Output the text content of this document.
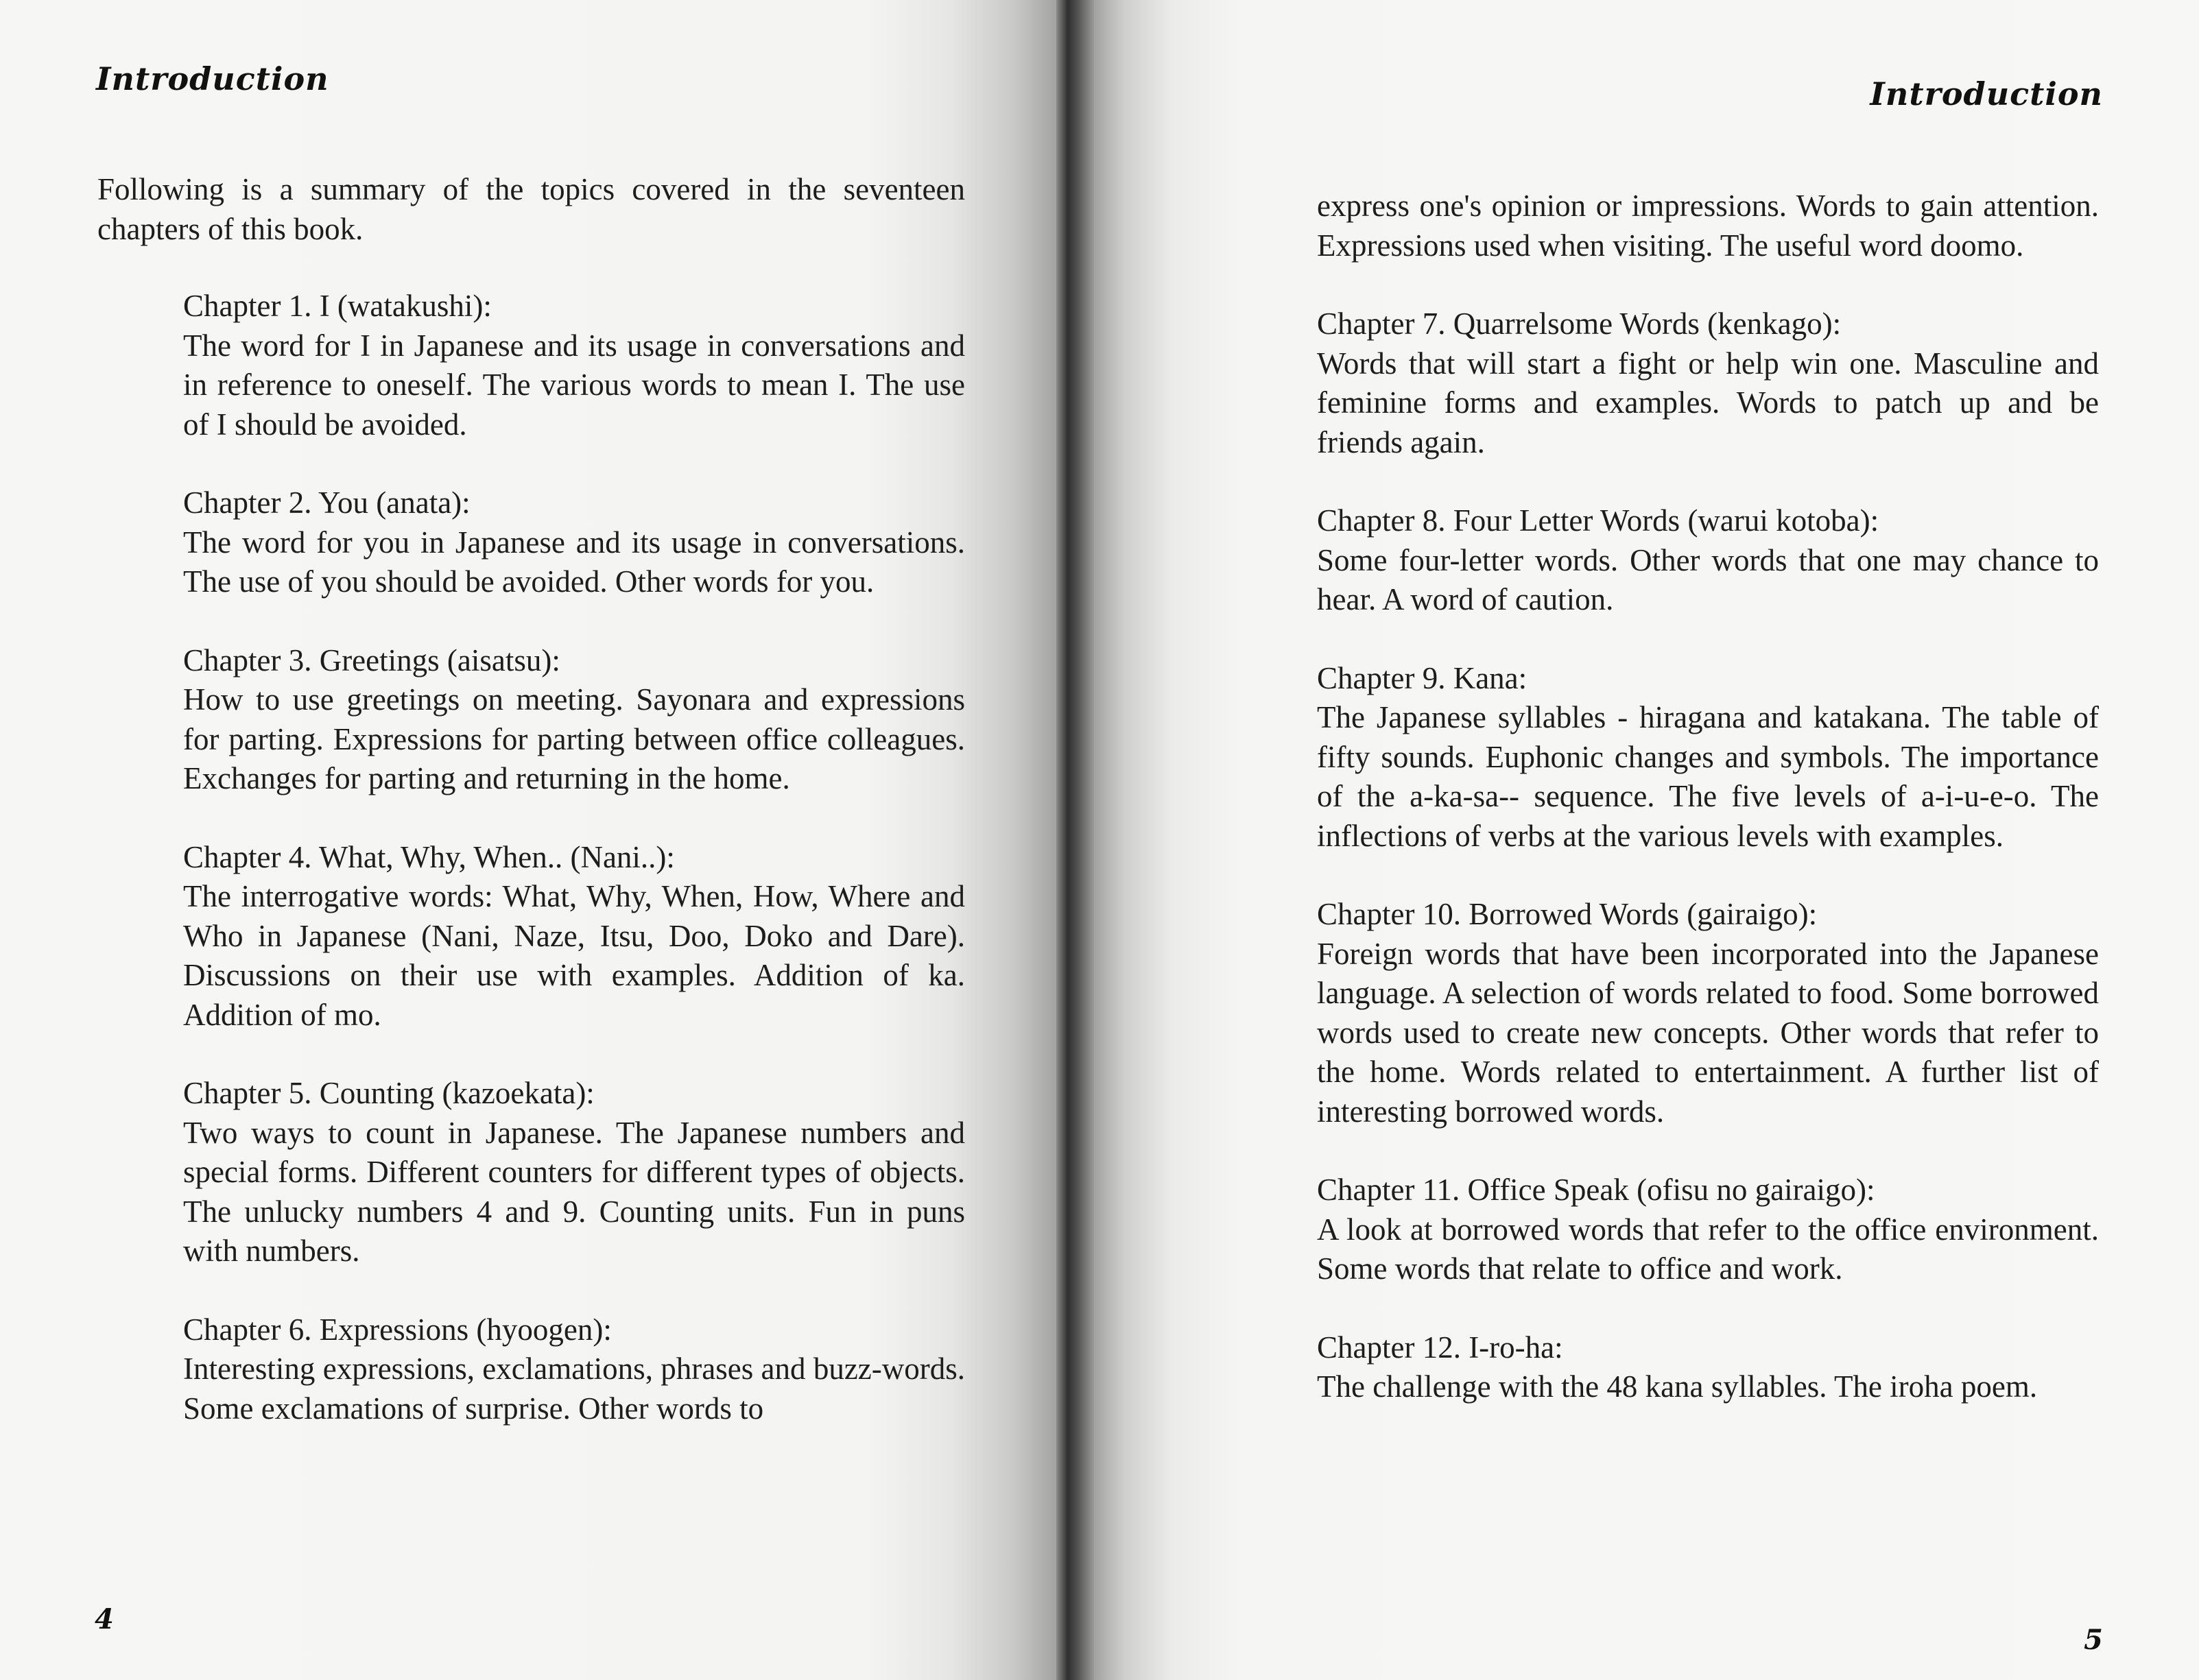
Introduction	Introduction
Following is a summary of the topics covered in the seventeen chapters of this book.
Chapter 1. I (watakushi):
The word for I in Japanese and its usage in conversations and in reference to oneself. The various words to mean I. The use of I should be avoided.
Chapter 2. You (anata):
The word for you in Japanese and its usage in conversations. The use of you should be avoided. Other words for you.
Chapter 3. Greetings (aisatsu):
How to use greetings on meeting. Sayonara and expressions for parting. Expressions for parting between office colleagues. Exchanges for parting and returning in the home.
Chapter 4. What, Why, When.. (Nani..):
The interrogative words: What, Why, When, How, Where and Who in Japanese (Nani, Naze, Itsu, Doo, Doko and Dare). Discussions on their use with examples. Addition of ka. Addition of mo.
Chapter 5. Counting (kazoekata):
Two ways to count in Japanese. The Japanese numbers and special forms. Different counters for different types of objects. The unlucky numbers 4 and 9. Counting units. Fun in puns with numbers.
Chapter 6. Expressions (hyoogen):
Interesting expressions, exclamations, phrases and buzz-words. Some exclamations of surprise. Other words to
express one's opinion or impressions. Words to gain attention. Expressions used when visiting. The useful word doomo.
Chapter 7. Quarrelsome Words (kenkago):
Words that will start a fight or help win one. Masculine and feminine forms and examples. Words to patch up and be friends again.
Chapter 8. Four Letter Words (warui kotoba):
Some four-letter words. Other words that one may chance to hear. A word of caution.
Chapter 9. Kana:
The Japanese syllables - hiragana and katakana. The table of fifty sounds. Euphonic changes and symbols. The importance of the a-ka-sa-- sequence. The five levels of a-i-u-e-o. The inflections of verbs at the various levels with examples.
Chapter 10. Borrowed Words (gairaigo):
Foreign words that have been incorporated into the Japanese language. A selection of words related to food. Some borrowed words used to create new concepts. Other words that refer to the home. Words related to entertainment. A further list of interesting borrowed words.
Chapter 11. Office Speak (ofisu no gairaigo):
A look at borrowed words that refer to the office environment. Some words that relate to office and work.
Chapter 12. I-ro-ha:
The challenge with the 48 kana syllables. The iroha poem.
4
5
